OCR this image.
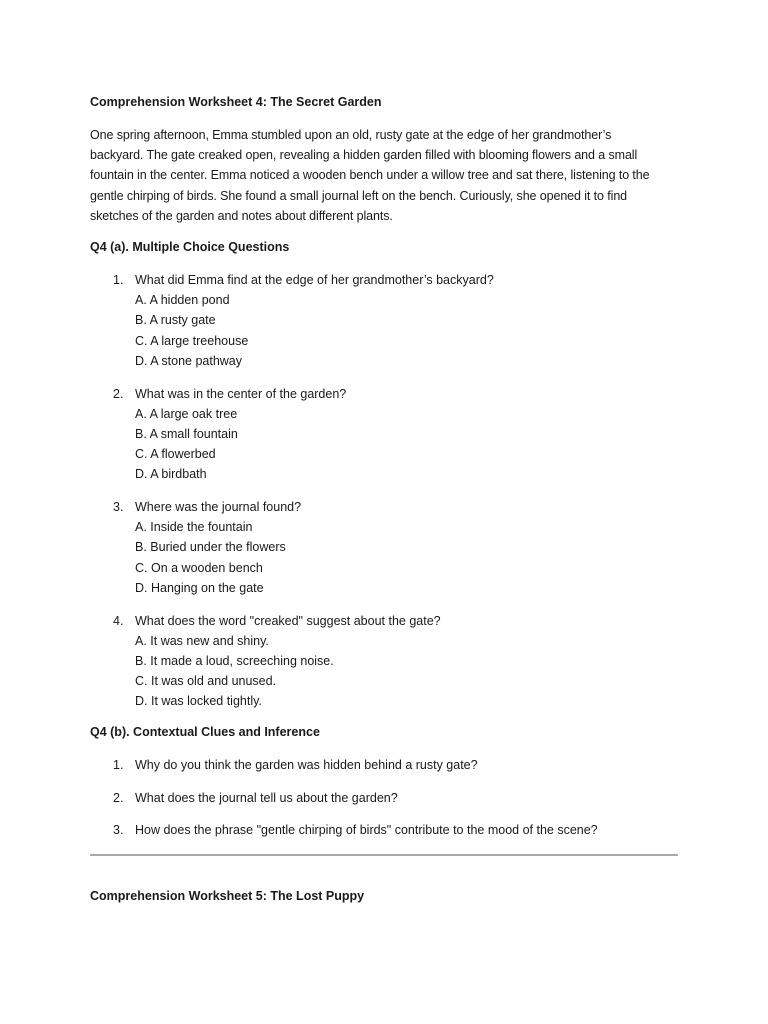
Comprehension Worksheet 4: The Secret Garden
One spring afternoon, Emma stumbled upon an old, rusty gate at the edge of her grandmother’s
backyard. The gate creaked open, revealing a hidden garden filled with blooming flowers and a small
fountain in the center. Emma noticed a wooden bench under a willow tree and sat there, listening to the
gentle chirping of birds. She found a small journal left on the bench. Curiously, she opened it to find
sketches of the garden and notes about different plants.
Q4 (a). Multiple Choice Questions
1. What did Emma find at the edge of her grandmother’s backyard?
A. A hidden pond
B. A rusty gate
C. A large treehouse
D. A stone pathway
2. What was in the center of the garden?
A. A large oak tree
B. A small fountain
C. A flowerbed
D. A birdbath
3. Where was the journal found?
A. Inside the fountain
B. Buried under the flowers
C. On a wooden bench
D. Hanging on the gate
4. What does the word "creaked" suggest about the gate?
A. It was new and shiny.
B. It made a loud, screeching noise.
C. It was old and unused.
D. It was locked tightly.
Q4 (b). Contextual Clues and Inference
1. Why do you think the garden was hidden behind a rusty gate?
2. What does the journal tell us about the garden?
3. How does the phrase "gentle chirping of birds" contribute to the mood of the scene?
Comprehension Worksheet 5: The Lost Puppy
